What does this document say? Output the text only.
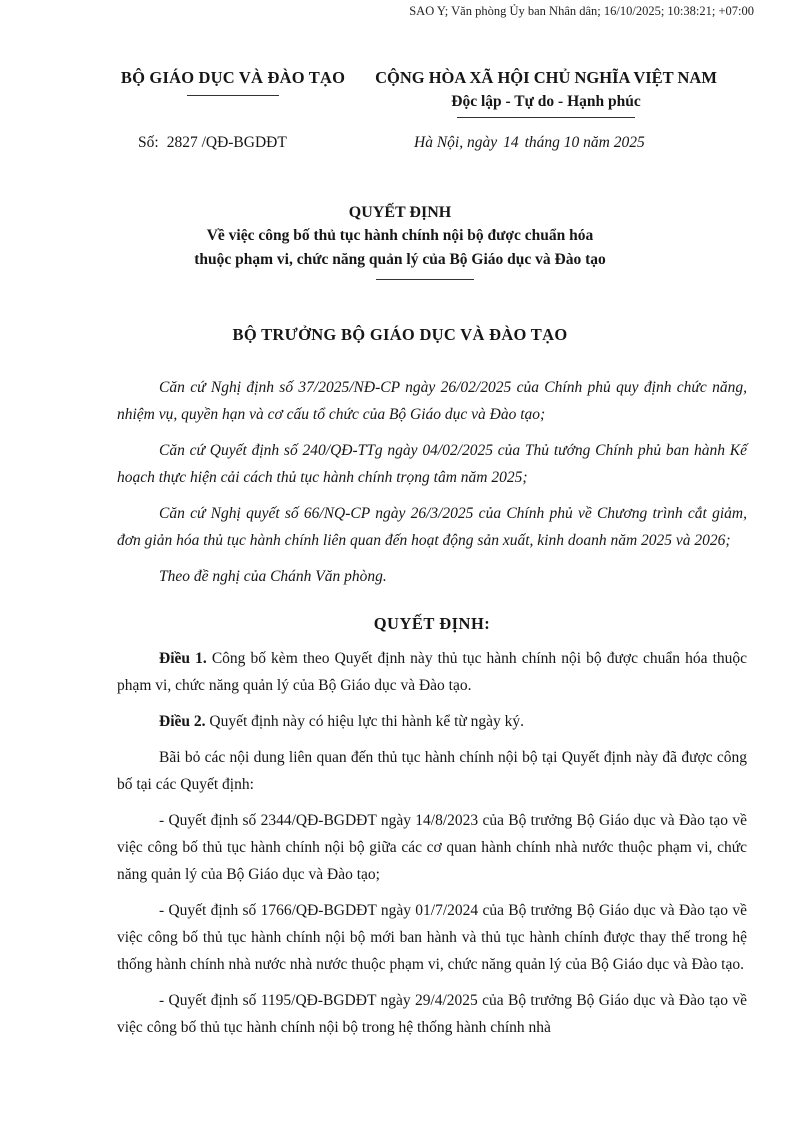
SAO Y; Văn phòng Ủy ban Nhân dân; 16/10/2025; 10:38:21; +07:00
BỘ GIÁO DỤC VÀ ĐÀO TẠO	CỘNG HÒA XÃ HỘI CHỦ NGHĨA VIỆT NAM
Độc lập - Tự do - Hạnh phúc
Số: 2827 /QĐ-BGDĐT	Hà Nội, ngày 14 tháng 10 năm 2025
QUYẾT ĐỊNH
Về việc công bố thủ tục hành chính nội bộ được chuẩn hóa
thuộc phạm vi, chức năng quản lý của Bộ Giáo dục và Đào tạo
BỘ TRƯỞNG BỘ GIÁO DỤC VÀ ĐÀO TẠO

Căn cứ Nghị định số 37/2025/NĐ-CP ngày 26/02/2025 của Chính phủ quy định chức năng, nhiệm vụ, quyền hạn và cơ cấu tổ chức của Bộ Giáo dục và Đào tạo;

Căn cứ Quyết định số 240/QĐ-TTg ngày 04/02/2025 của Thủ tướng Chính phủ ban hành Kế hoạch thực hiện cải cách thủ tục hành chính trọng tâm năm 2025;

Căn cứ Nghị quyết số 66/NQ-CP ngày 26/3/2025 của Chính phủ về Chương trình cắt giảm, đơn giản hóa thủ tục hành chính liên quan đến hoạt động sản xuất, kinh doanh năm 2025 và 2026;

Theo đề nghị của Chánh Văn phòng.

QUYẾT ĐỊNH:

Điều 1. Công bố kèm theo Quyết định này thủ tục hành chính nội bộ được chuẩn hóa thuộc phạm vi, chức năng quản lý của Bộ Giáo dục và Đào tạo.

Điều 2. Quyết định này có hiệu lực thi hành kể từ ngày ký.

Bãi bỏ các nội dung liên quan đến thủ tục hành chính nội bộ tại Quyết định này đã được công bố tại các Quyết định:

- Quyết định số 2344/QĐ-BGDĐT ngày 14/8/2023 của Bộ trưởng Bộ Giáo dục và Đào tạo về việc công bố thủ tục hành chính nội bộ giữa các cơ quan hành chính nhà nước thuộc phạm vi, chức năng quản lý của Bộ Giáo dục và Đào tạo;

- Quyết định số 1766/QĐ-BGDĐT ngày 01/7/2024 của Bộ trưởng Bộ Giáo dục và Đào tạo về việc công bố thủ tục hành chính nội bộ mới ban hành và thủ tục hành chính được thay thế trong hệ thống hành chính nhà nước nhà nước thuộc phạm vi, chức năng quản lý của Bộ Giáo dục và Đào tạo.

- Quyết định số 1195/QĐ-BGDĐT ngày 29/4/2025 của Bộ trưởng Bộ Giáo dục và Đào tạo về việc công bố thủ tục hành chính nội bộ trong hệ thống hành chính nhà
